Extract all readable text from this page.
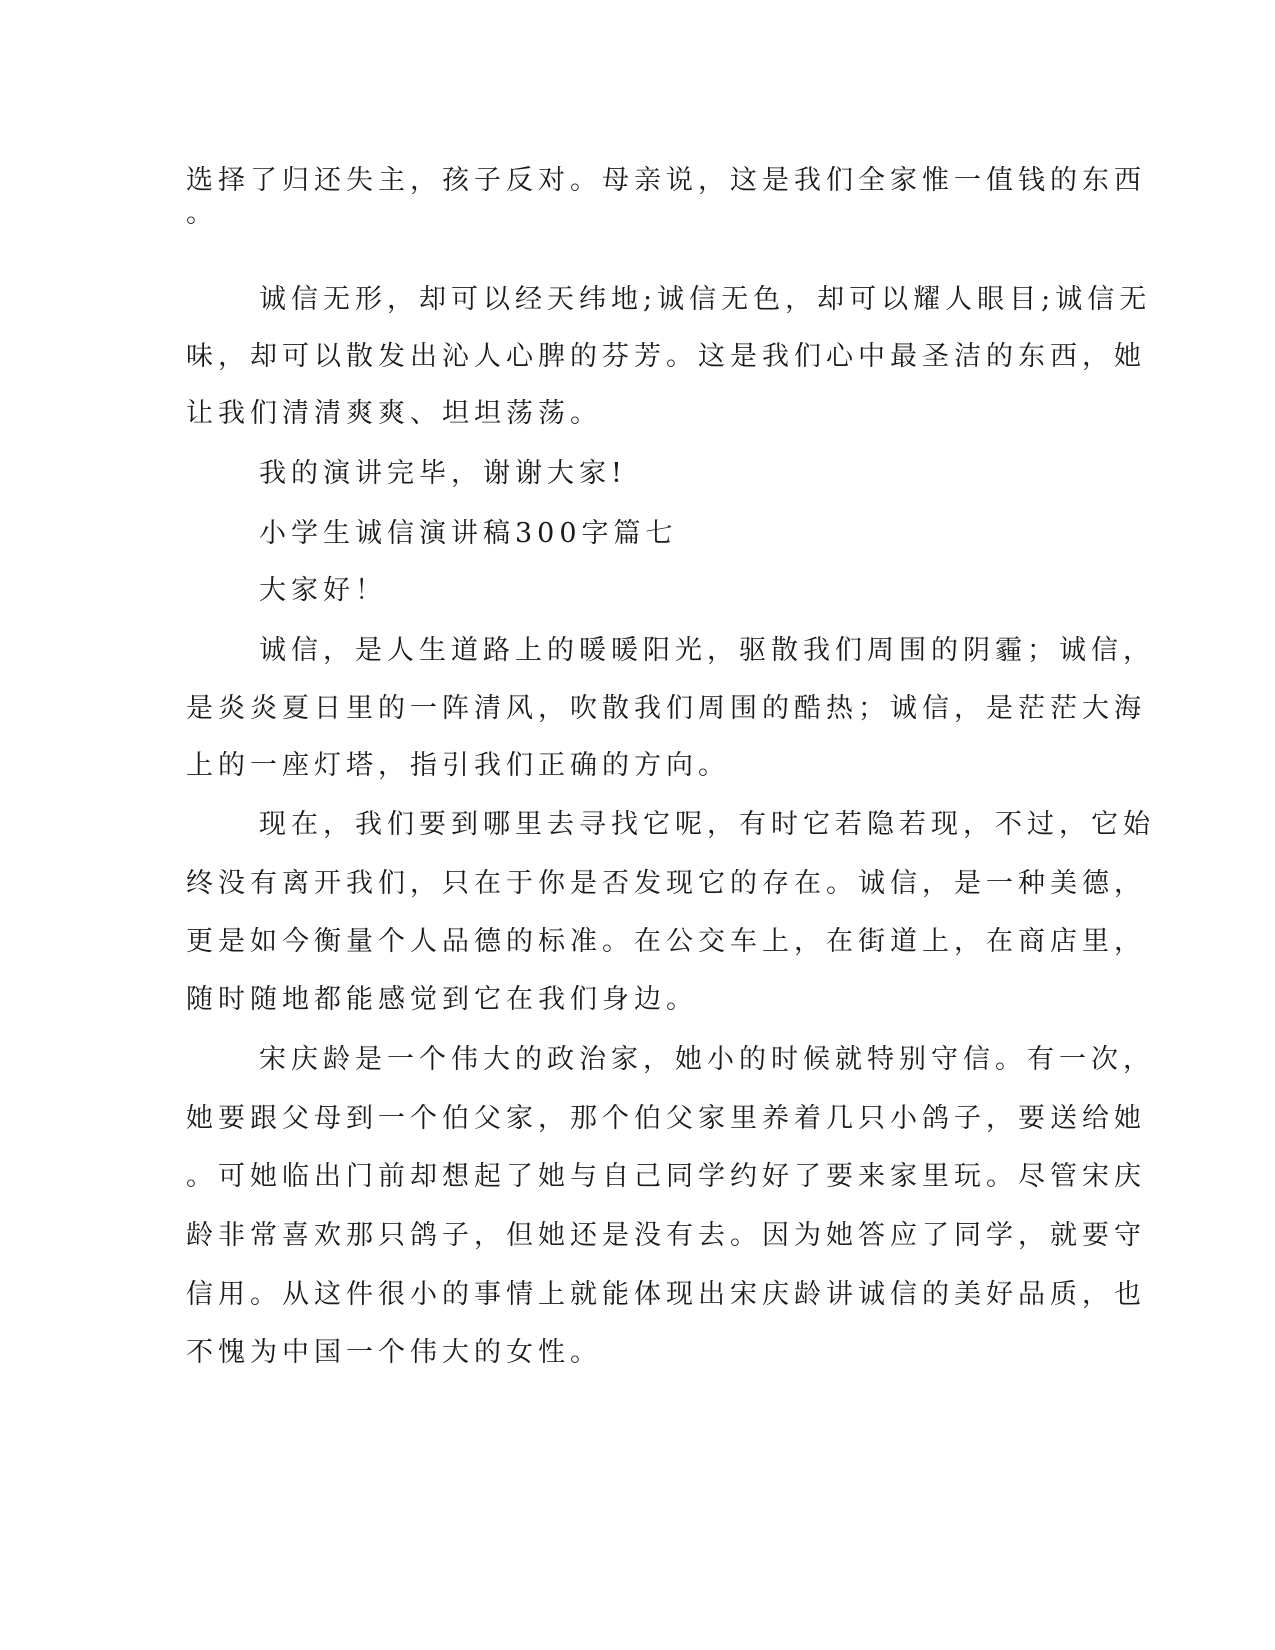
选择了归还失主，孩子反对。母亲说，这是我们全家惟一值钱的东西
。
诚信无形，却可以经天纬地;诚信无色，却可以耀人眼目;诚信无
味，却可以散发出沁人心脾的芬芳。这是我们心中最圣洁的东西，她
让我们清清爽爽、坦坦荡荡。
我的演讲完毕，谢谢大家!
小学生诚信演讲稿300字篇七
大家好！
诚信，是人生道路上的暖暖阳光，驱散我们周围的阴霾；诚信，
是炎炎夏日里的一阵清风，吹散我们周围的酷热；诚信，是茫茫大海
上的一座灯塔，指引我们正确的方向。
现在，我们要到哪里去寻找它呢，有时它若隐若现，不过，它始
终没有离开我们，只在于你是否发现它的存在。诚信，是一种美德，
更是如今衡量个人品德的标准。在公交车上，在街道上，在商店里，
随时随地都能感觉到它在我们身边。
宋庆龄是一个伟大的政治家，她小的时候就特别守信。有一次，
她要跟父母到一个伯父家，那个伯父家里养着几只小鸽子，要送给她
。可她临出门前却想起了她与自己同学约好了要来家里玩。尽管宋庆
龄非常喜欢那只鸽子，但她还是没有去。因为她答应了同学，就要守
信用。从这件很小的事情上就能体现出宋庆龄讲诚信的美好品质，也
不愧为中国一个伟大的女性。
